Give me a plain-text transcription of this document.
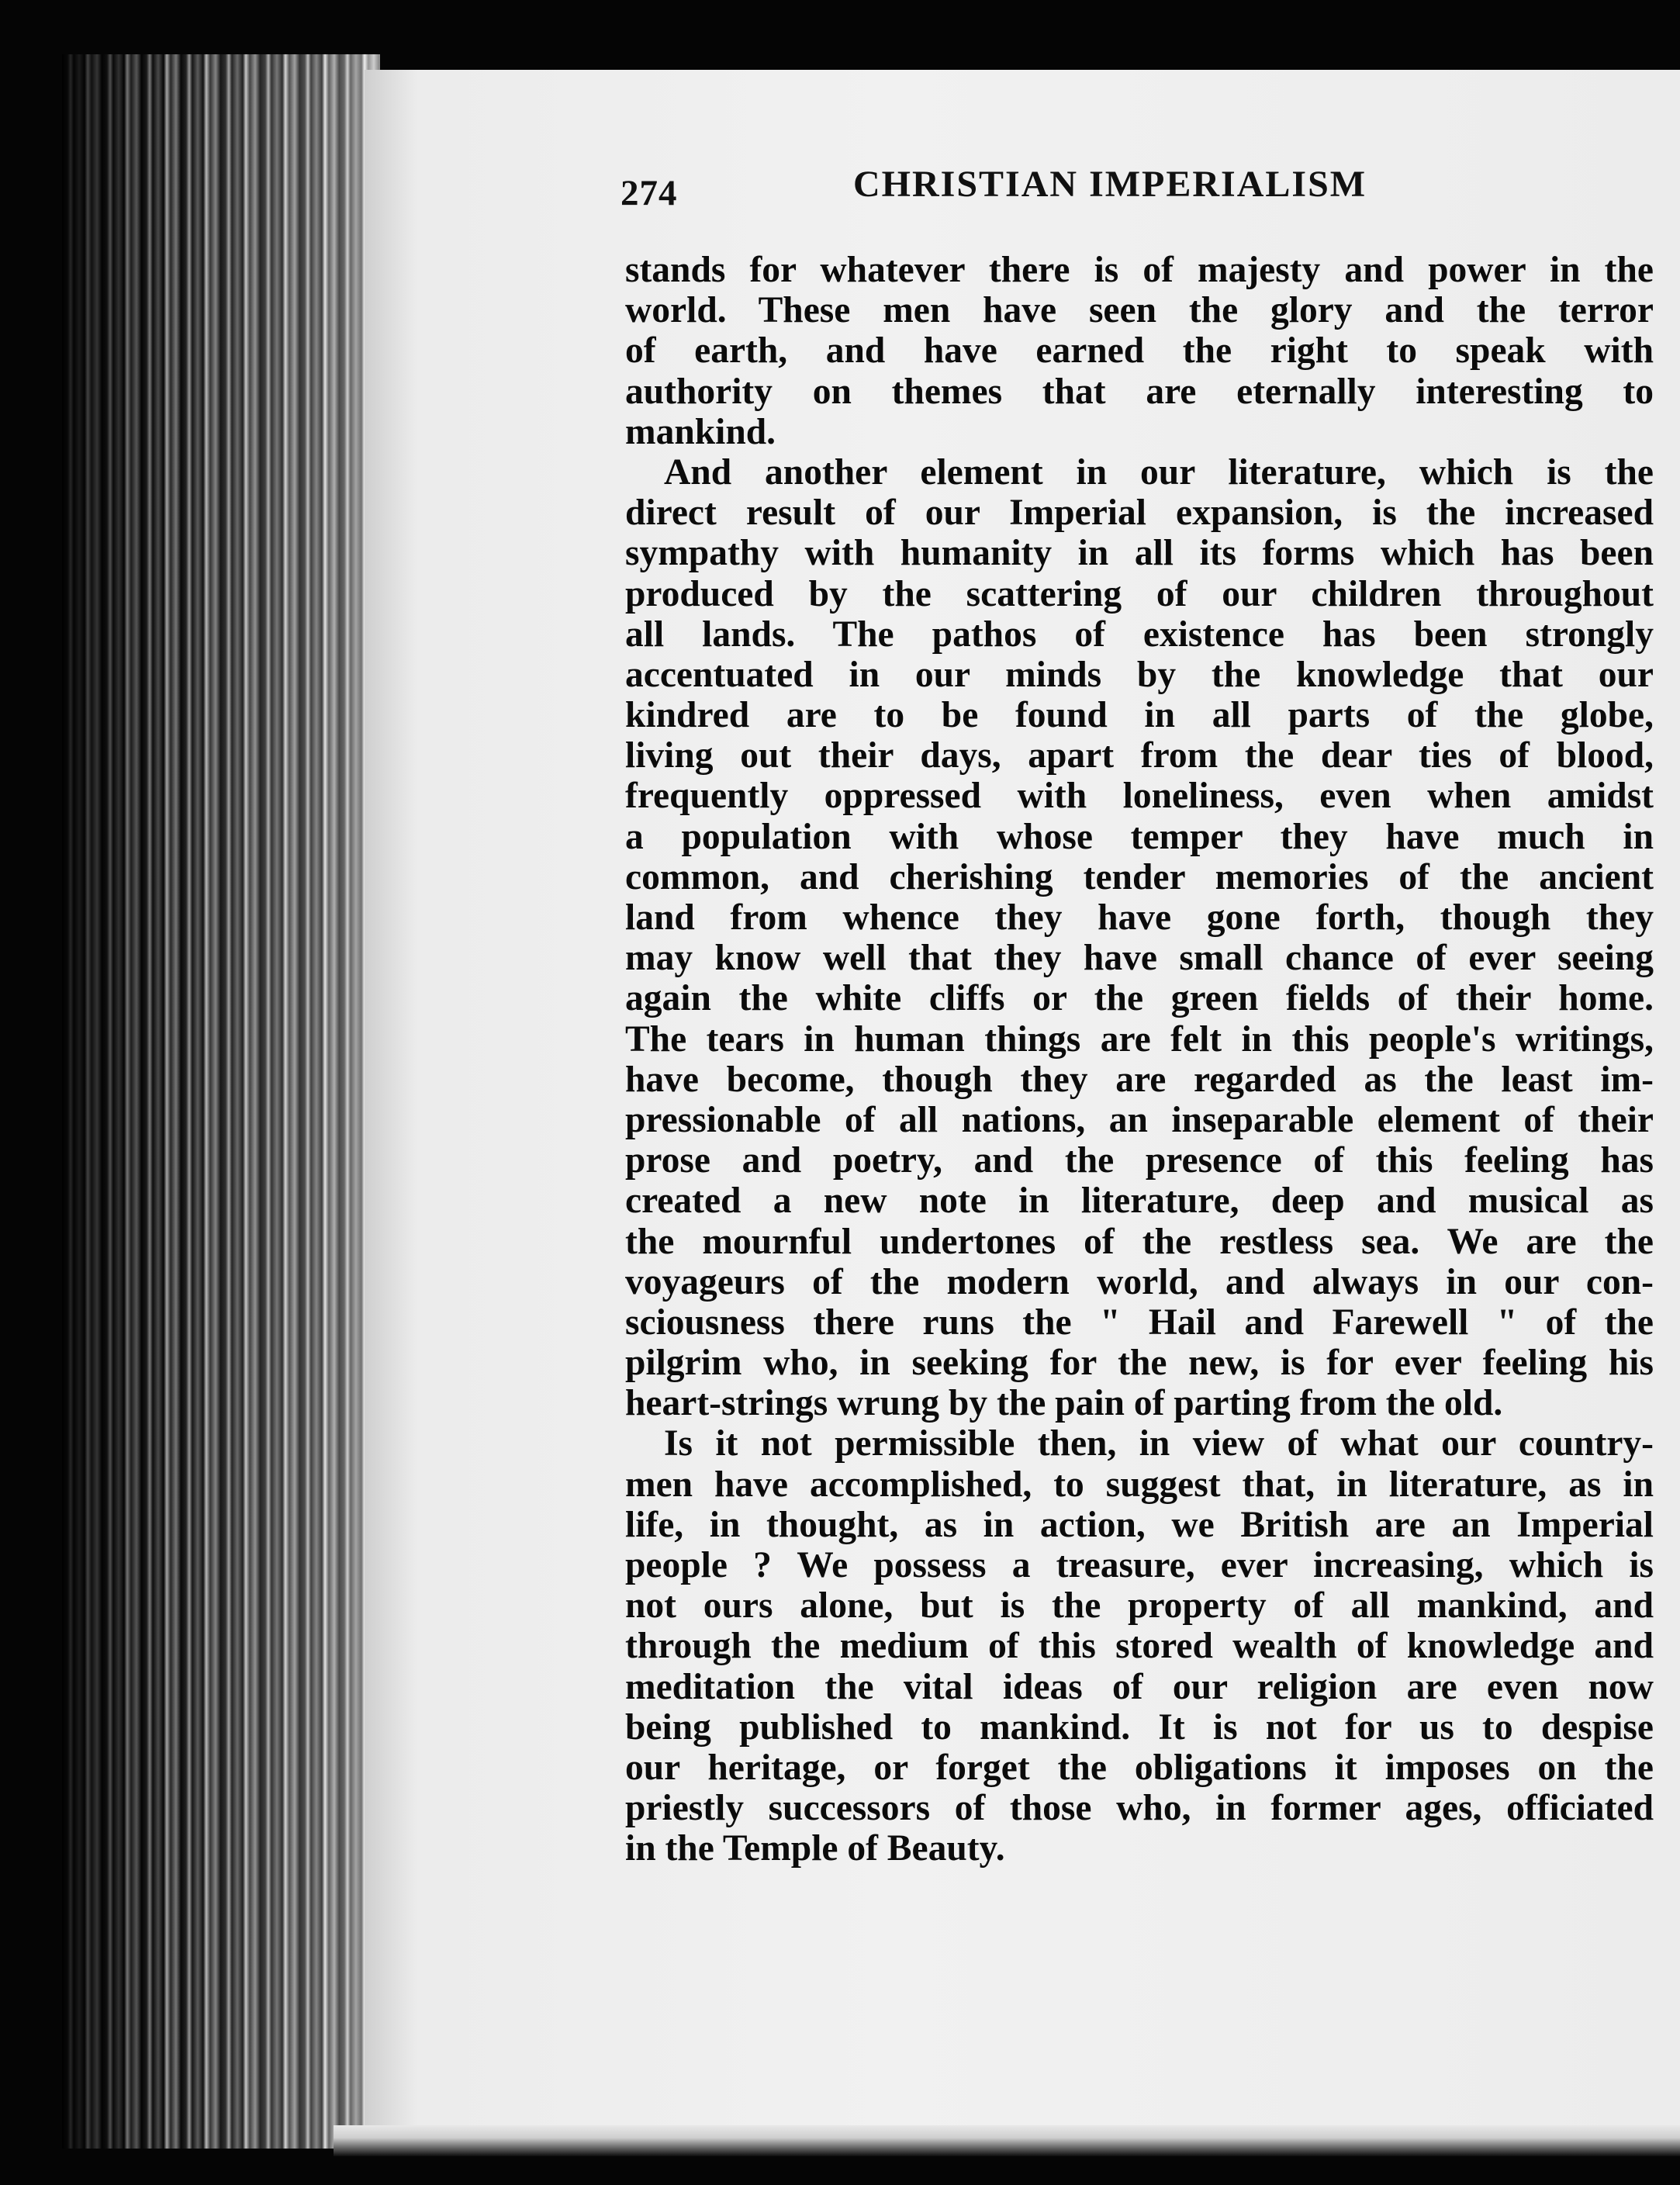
274	CHRISTIAN IMPERIALISM
stands for whatever there is of majesty and power in the
world. These men have seen the glory and the terror
of earth, and have earned the right to speak with
authority on themes that are eternally interesting to
mankind.
And another element in our literature, which is the
direct result of our Imperial expansion, is the increased
sympathy with humanity in all its forms which has been
produced by the scattering of our children throughout
all lands. The pathos of existence has been strongly
accentuated in our minds by the knowledge that our
kindred are to be found in all parts of the globe,
living out their days, apart from the dear ties of blood,
frequently oppressed with loneliness, even when amidst
a population with whose temper they have much in
common, and cherishing tender memories of the ancient
land from whence they have gone forth, though they
may know well that they have small chance of ever seeing
again the white cliffs or the green fields of their home.
The tears in human things are felt in this people's writings,
have become, though they are regarded as the least im-
pressionable of all nations, an inseparable element of their
prose and poetry, and the presence of this feeling has
created a new note in literature, deep and musical as
the mournful undertones of the restless sea. We are the
voyageurs of the modern world, and always in our con-
sciousness there runs the " Hail and Farewell " of the
pilgrim who, in seeking for the new, is for ever feeling his
heart-strings wrung by the pain of parting from the old.
Is it not permissible then, in view of what our country-
men have accomplished, to suggest that, in literature, as in
life, in thought, as in action, we British are an Imperial
people ? We possess a treasure, ever increasing, which is
not ours alone, but is the property of all mankind, and
through the medium of this stored wealth of knowledge and
meditation the vital ideas of our religion are even now
being published to mankind. It is not for us to despise
our heritage, or forget the obligations it imposes on the
priestly successors of those who, in former ages, officiated
in the Temple of Beauty.
